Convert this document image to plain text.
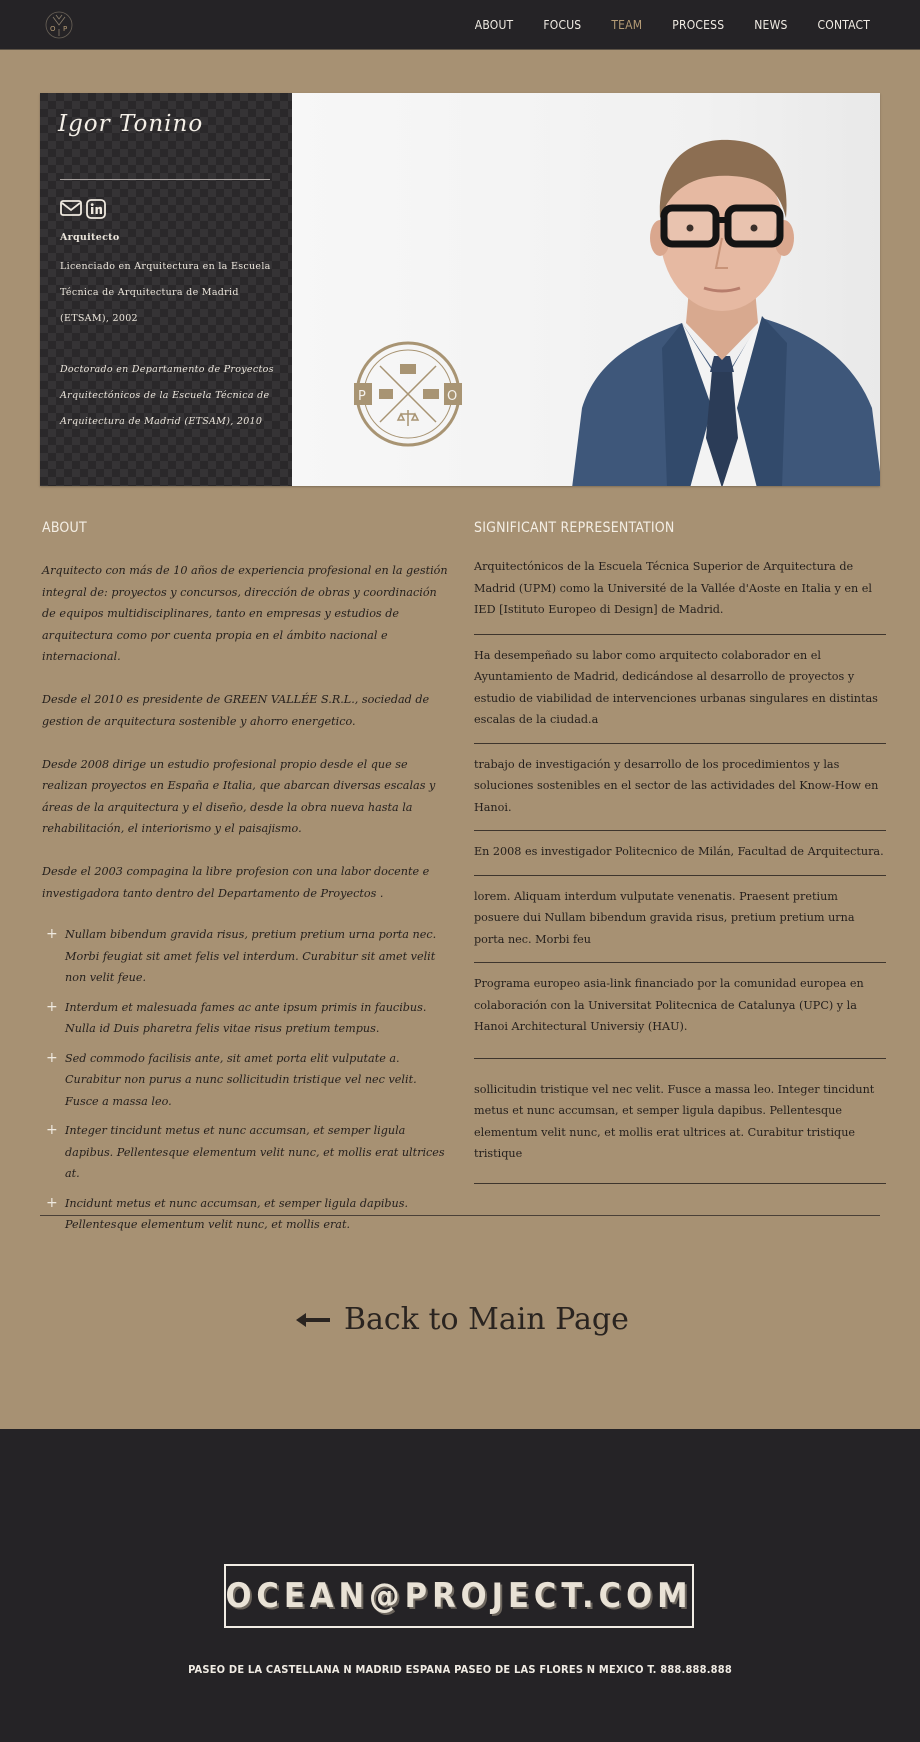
O P	ABOUT	FOCUS	TEAM	PROCESS	NEWS	CONTACT
Igor Tonino
Arquitecto
Licenciado en Arquitectura en la Escuela Técnica de Arquitectura de Madrid (ETSAM), 2002
Doctorado en Departamento de Proyectos Arquitectónicos de la Escuela Técnica de Arquitectura de Madrid (ETSAM), 2010
P	O
ABOUT

Arquitecto con más de 10 años de experiencia profesional en la gestión integral de: proyectos y concursos, dirección de obras y coordinación de equipos multidisciplinares, tanto en empresas y estudios de arquitectura como por cuenta propia en el ámbito nacional e internacional.

Desde el 2010 es presidente de GREEN VALLÉE S.R.L., sociedad de gestion de arquitectura sostenible y ahorro energetico.

Desde 2008 dirige un estudio profesional propio desde el que se realizan proyectos en España e Italia, que abarcan diversas escalas y áreas de la arquitectura y el diseño, desde la obra nueva hasta la rehabilitación, el interiorismo y el paisajismo.

Desde el 2003 compagina la libre profesion con una labor docente e investigadora tanto dentro del Departamento de Proyectos .

+ Nullam bibendum gravida risus, pretium pretium urna porta nec. Morbi feugiat sit amet felis vel interdum. Curabitur sit amet velit non velit feue.
+ Interdum et malesuada fames ac ante ipsum primis in faucibus. Nulla id Duis pharetra felis vitae risus pretium tempus.
+ Sed commodo facilisis ante, sit amet porta elit vulputate a. Curabitur non purus a nunc sollicitudin tristique vel nec velit. Fusce a massa leo.
+ Integer tincidunt metus et nunc accumsan, et semper ligula dapibus. Pellentesque elementum velit nunc, et mollis erat ultrices at.
+ Incidunt metus et nunc accumsan, et semper ligula dapibus. Pellentesque elementum velit nunc, et mollis erat.
SIGNIFICANT REPRESENTATION
Arquitectónicos de la Escuela Técnica Superior de Arquitectura de Madrid (UPM) como la Université de la Vallée d'Aoste en Italia y en el IED [Istituto Europeo di Design] de Madrid.
Ha desempeñado su labor como arquitecto colaborador en el Ayuntamiento de Madrid, dedicándose al desarrollo de proyectos y estudio de viabilidad de intervenciones urbanas singulares en distintas escalas de la ciudad.a
trabajo de investigación y desarrollo de los procedimientos y las soluciones sostenibles en el sector de las actividades del Know-How en Hanoi.
En 2008 es investigador Politecnico de Milán, Facultad de Arquitectura.
lorem. Aliquam interdum vulputate venenatis. Praesent pretium posuere dui Nullam bibendum gravida risus, pretium pretium urna porta nec. Morbi feu
Programa europeo asia-link financiado por la comunidad europea en colaboración con la Universitat Politecnica de Catalunya (UPC) y la Hanoi Architectural Universiy (HAU).
sollicitudin tristique vel nec velit. Fusce a massa leo. Integer tincidunt metus et nunc accumsan, et semper ligula dapibus. Pellentesque elementum velit nunc, et mollis erat ultrices at. Curabitur tristique tristique
Back to Main Page
OCEAN@PROJECT.COM
PASEO DE LA CASTELLANA N MADRID ESPANA PASEO DE LAS FLORES N MEXICO T. 888.888.888
